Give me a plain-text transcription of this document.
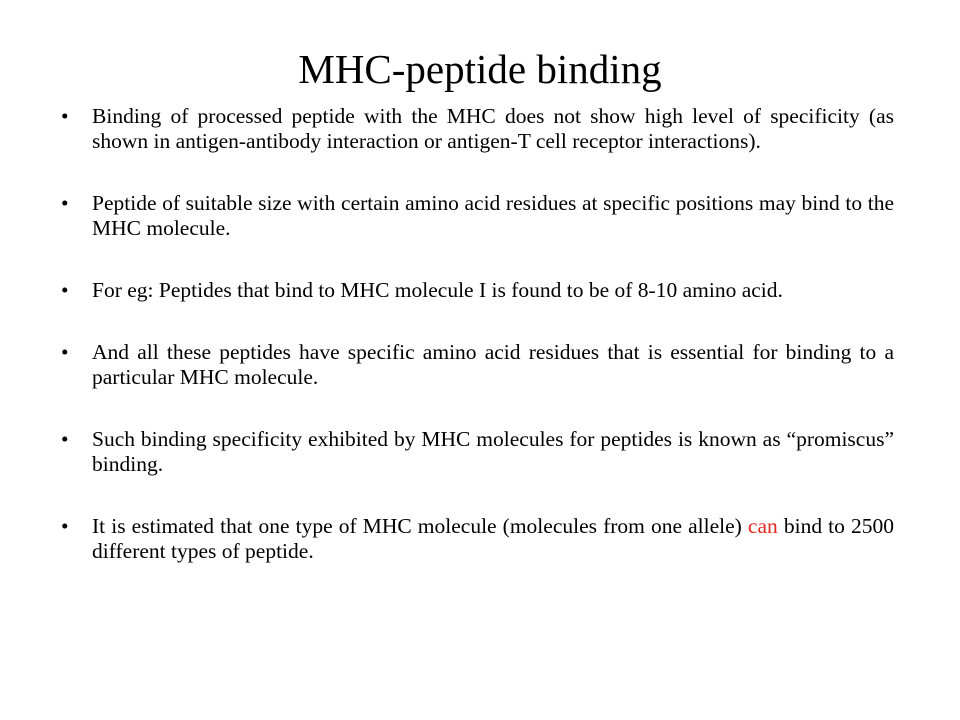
MHC-peptide binding
• Binding of processed peptide with the MHC does not show high level of specificity (as shown in antigen-antibody interaction or antigen-T cell receptor interactions).
• Peptide of suitable size with certain amino acid residues at specific positions may bind to the MHC molecule.
• For eg: Peptides that bind to MHC molecule I is found to be of 8-10 amino acid.
• And all these peptides have specific amino acid residues that is essential for binding to a particular MHC molecule.
• Such binding specificity exhibited by MHC molecules for peptides is known as “promiscus” binding.
• It is estimated that one type of MHC molecule (molecules from one allele) can bind to 2500 different types of peptide.
